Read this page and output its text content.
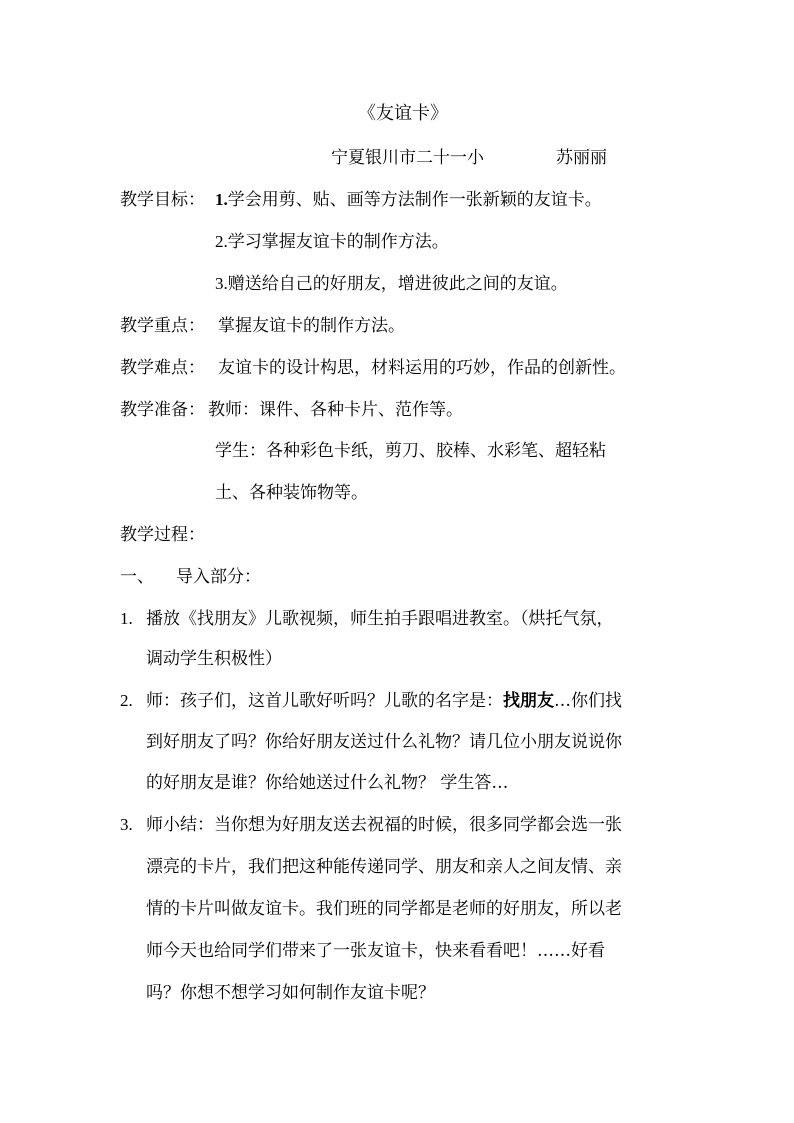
《友谊卡》
宁夏银川市二十一小	苏丽丽
教学目标： 1.学会用剪、贴、画等方法制作一张新颖的友谊卡。
2.学习掌握友谊卡的制作方法。
3.赠送给自己的好朋友，增进彼此之间的友谊。
教学重点： 掌握友谊卡的制作方法。
教学难点： 友谊卡的设计构思，材料运用的巧妙，作品的创新性。
教学准备： 教师：课件、各种卡片、范作等。
学生：各种彩色卡纸，剪刀、胶棒、水彩笔、超轻粘
土、各种装饰物等。
教学过程：
一、 导入部分：
1. 播放《找朋友》儿歌视频，师生拍手跟唱进教室。（烘托气氛，
调动学生积极性）
2. 师：孩子们，这首儿歌好听吗？儿歌的名字是：找朋友…你们找
到好朋友了吗？你给好朋友送过什么礼物？请几位小朋友说说你
的好朋友是谁？你给她送过什么礼物？ 学生答…
3. 师小结：当你想为好朋友送去祝福的时候，很多同学都会选一张
漂亮的卡片，我们把这种能传递同学、朋友和亲人之间友情、亲
情的卡片叫做友谊卡。我们班的同学都是老师的好朋友，所以老
师今天也给同学们带来了一张友谊卡，快来看看吧！……好看
吗？你想不想学习如何制作友谊卡呢？
